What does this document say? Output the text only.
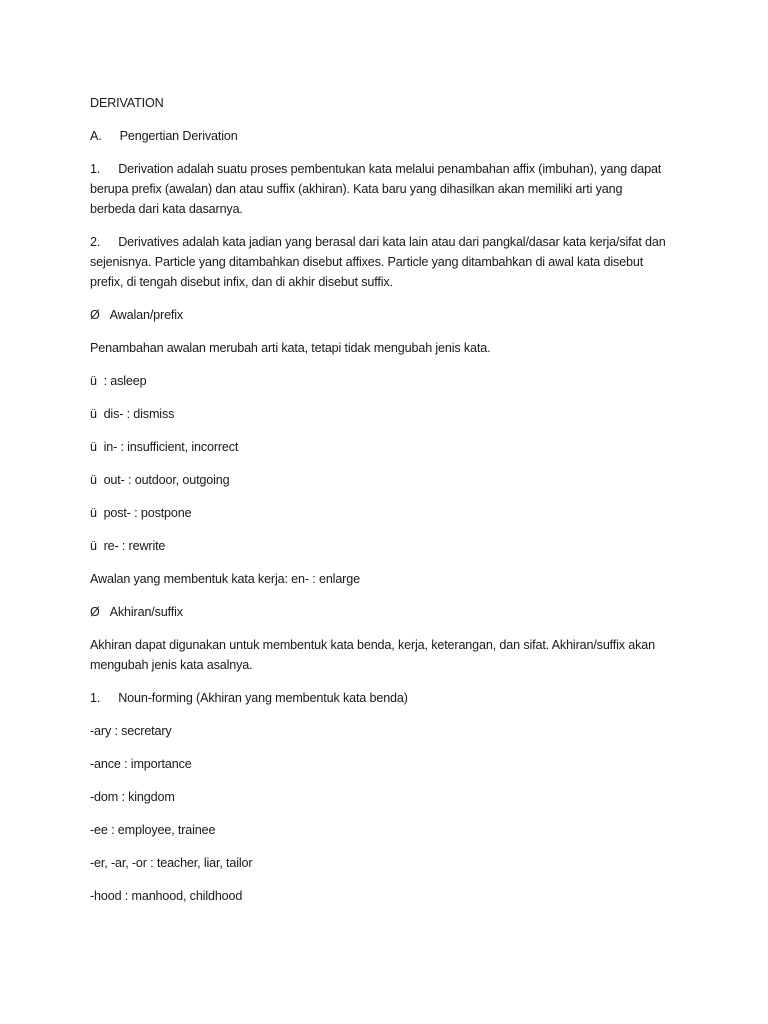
DERIVATION

A. Pengertian Derivation

1. Derivation adalah suatu proses pembentukan kata melalui penambahan affix (imbuhan), yang dapat
berupa prefix (awalan) dan atau suffix (akhiran). Kata baru yang dihasilkan akan memiliki arti yang
berbeda dari kata dasarnya.

2. Derivatives adalah kata jadian yang berasal dari kata lain atau dari pangkal/dasar kata kerja/sifat dan
sejenisnya. Particle yang ditambahkan disebut affixes. Particle yang ditambahkan di awal kata disebut
prefix, di tengah disebut infix, dan di akhir disebut suffix.

Ø Awalan/prefix

Penambahan awalan merubah arti kata, tetapi tidak mengubah jenis kata.

ü : asleep

ü dis- : dismiss

ü in- : insufficient, incorrect

ü out- : outdoor, outgoing

ü post- : postpone

ü re- : rewrite

Awalan yang membentuk kata kerja: en- : enlarge

Ø Akhiran/suffix

Akhiran dapat digunakan untuk membentuk kata benda, kerja, keterangan, dan sifat. Akhiran/suffix akan
mengubah jenis kata asalnya.

1. Noun-forming (Akhiran yang membentuk kata benda)

-ary : secretary

-ance : importance

-dom : kingdom

-ee : employee, trainee

-er, -ar, -or : teacher, liar, tailor

-hood : manhood, childhood
